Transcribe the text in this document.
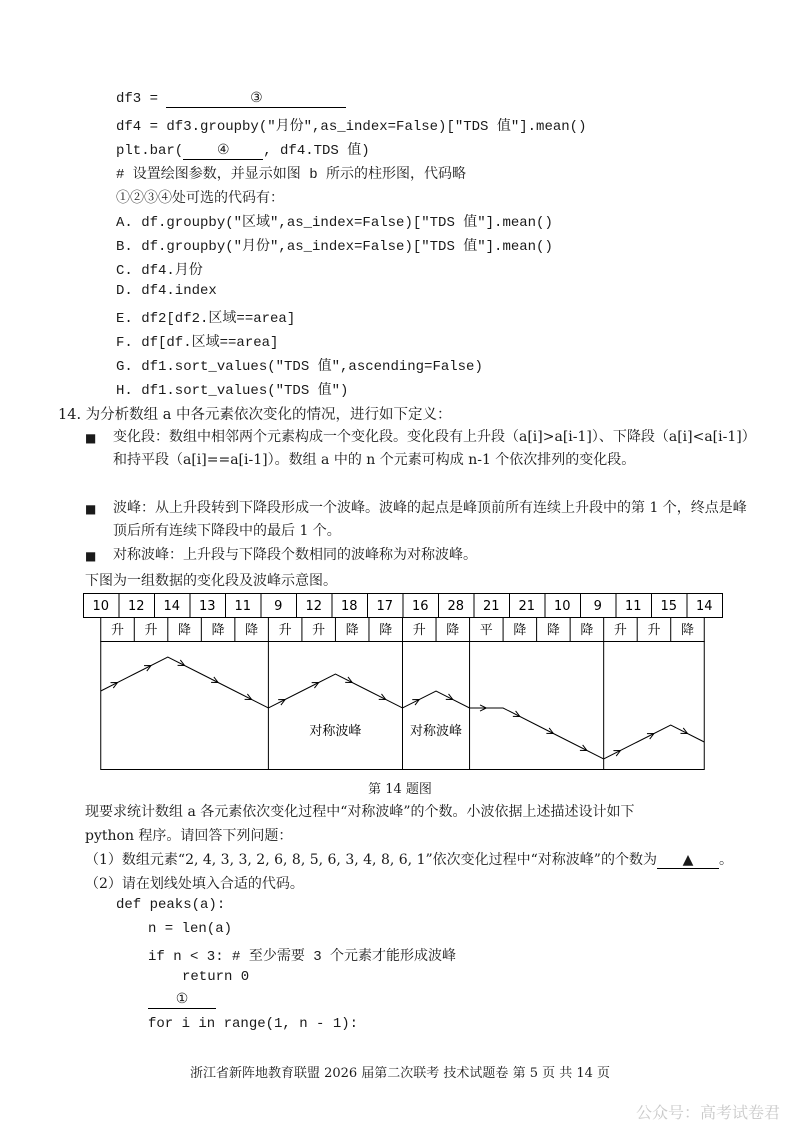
df3 =	③
df4 = df3.groupby("月份",as_index=False)["TDS 值"].mean()
plt.bar( ④ , df4.TDS 值)
# 设置绘图参数，并显示如图 b 所示的柱形图，代码略
①②③④处可选的代码有：
A. df.groupby("区域",as_index=False)["TDS 值"].mean()
B. df.groupby("月份",as_index=False)["TDS 值"].mean()
C. df4.月份
D. df4.index
E. df2[df2.区域==area]
F. df[df.区域==area]
G. df1.sort_values("TDS 值",ascending=False)
H. df1.sort_values("TDS 值")
14. 为分析数组 a 中各元素依次变化的情况，进行如下定义：
■ 变化段：数组中相邻两个元素构成一个变化段。变化段有上升段（a[i]>a[i-1]）、下降段（a[i]<a[i-1]）和持平段（a[i]==a[i-1]）。数组 a 中的 n 个元素可构成 n-1 个依次排列的变化段。
■ 波峰：从上升段转到下降段形成一个波峰。波峰的起点是峰顶前所有连续上升段中的第 1 个，终点是峰顶后所有连续下降段中的最后 1 个。
■ 对称波峰：上升段与下降段个数相同的波峰称为对称波峰。
下图为一组数据的变化段及波峰示意图。
10 12 14 13 11 9 12 18 17 16 28 21 21 10 9 11 15 14
升 升 降 降 降 升 升 降 降 升 降 平 降 降 降 升 升 降
对称波峰	对称波峰
第 14 题图
现要求统计数组 a 各元素依次变化过程中“对称波峰”的个数。小波依据上述描述设计如下
python 程序。请回答下列问题：
（1）数组元素“2, 4, 3, 3, 2, 6, 8, 5, 6, 3, 4, 8, 6, 1”依次变化过程中“对称波峰”的个数为 ▲ 。
（2）请在划线处填入合适的代码。
def peaks(a):
n = len(a)
if n < 3: # 至少需要 3 个元素才能形成波峰
return 0
①
for i in range(1, n - 1):
浙江省新阵地教育联盟 2026 届第二次联考 技术试题卷 第 5 页 共 14 页
公众号：高考试卷君
